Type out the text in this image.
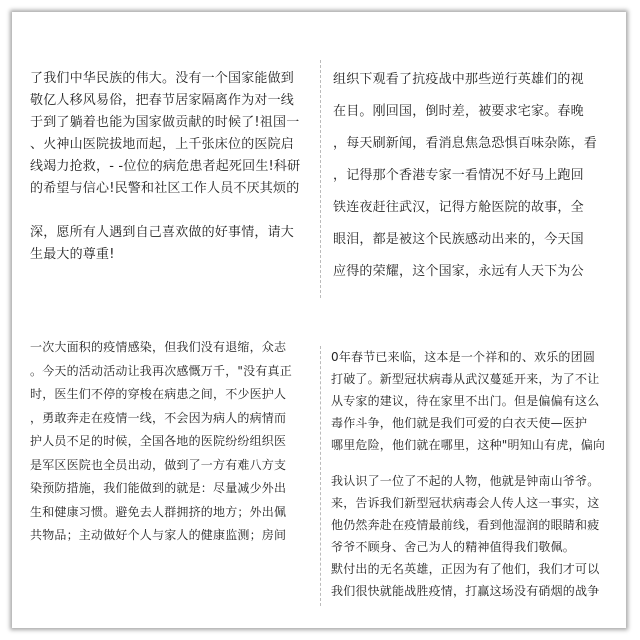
了我们中华民族的伟大。没有一个国家能做到
敬亿人移风易俗，把春节居家隔离作为对一线
于到了躺着也能为国家做贡献的时候了!祖国一
、火神山医院拔地而起，上千张床位的医院启
线竭力抢救，- -位位的病危患者起死回生!科研
的希望与信心!民警和社区工作人员不厌其烦的
深，愿所有人遇到自己喜欢做的好事情，请大
生最大的尊重!
组织下观看了抗疫战中那些逆行英雄们的视
在目。刚回国，倒时差，被要求宅家。春晚
，每天刷新闻，看消息焦急恐惧百味杂陈，看
，记得那个香港专家一看情况不好马上跑回
铁连夜赶往武汉，记得方舱医院的故事，全
眼泪，都是被这个民族感动出来的，今天国
应得的荣耀，这个国家，永远有人天下为公
一次大面积的疫情感染，但我们没有退缩，众志
。今天的活动活动让我再次感慨万千，"没有真正
时，医生们不停的穿梭在病患之间，不少医护人
，勇敢奔走在疫情一线，不会因为病人的病情而
护人员不足的时候，全国各地的医院纷纷组织医
是军区医院也全员出动，做到了一方有难八方支
染预防措施，我们能做到的就是：尽量减少外出
生和健康习惯。避免去人群拥挤的地方；外出佩
共物品；主动做好个人与家人的健康监测；房间
0年春节已来临，这本是一个祥和的、欢乐的团圆
打破了。新型冠状病毒从武汉蔓延开来，为了不让
从专家的建议，待在家里不出门。但是偏偏有这么
毒作斗争，他们就是我们可爱的白衣天使—医护
哪里危险，他们就在哪里，这种"明知山有虎，偏向
我认识了一位了不起的人物，他就是钟南山爷爷。
来，告诉我们新型冠状病毒会人传人这一事实，这
他仍然奔赴在疫情最前线，看到他湿润的眼睛和疲
爷爷不顾身、舍己为人的精神值得我们敬佩。
默付出的无名英雄，正因为有了他们，我们才可以
我们很快就能战胜疫情，打赢这场没有硝烟的战争
